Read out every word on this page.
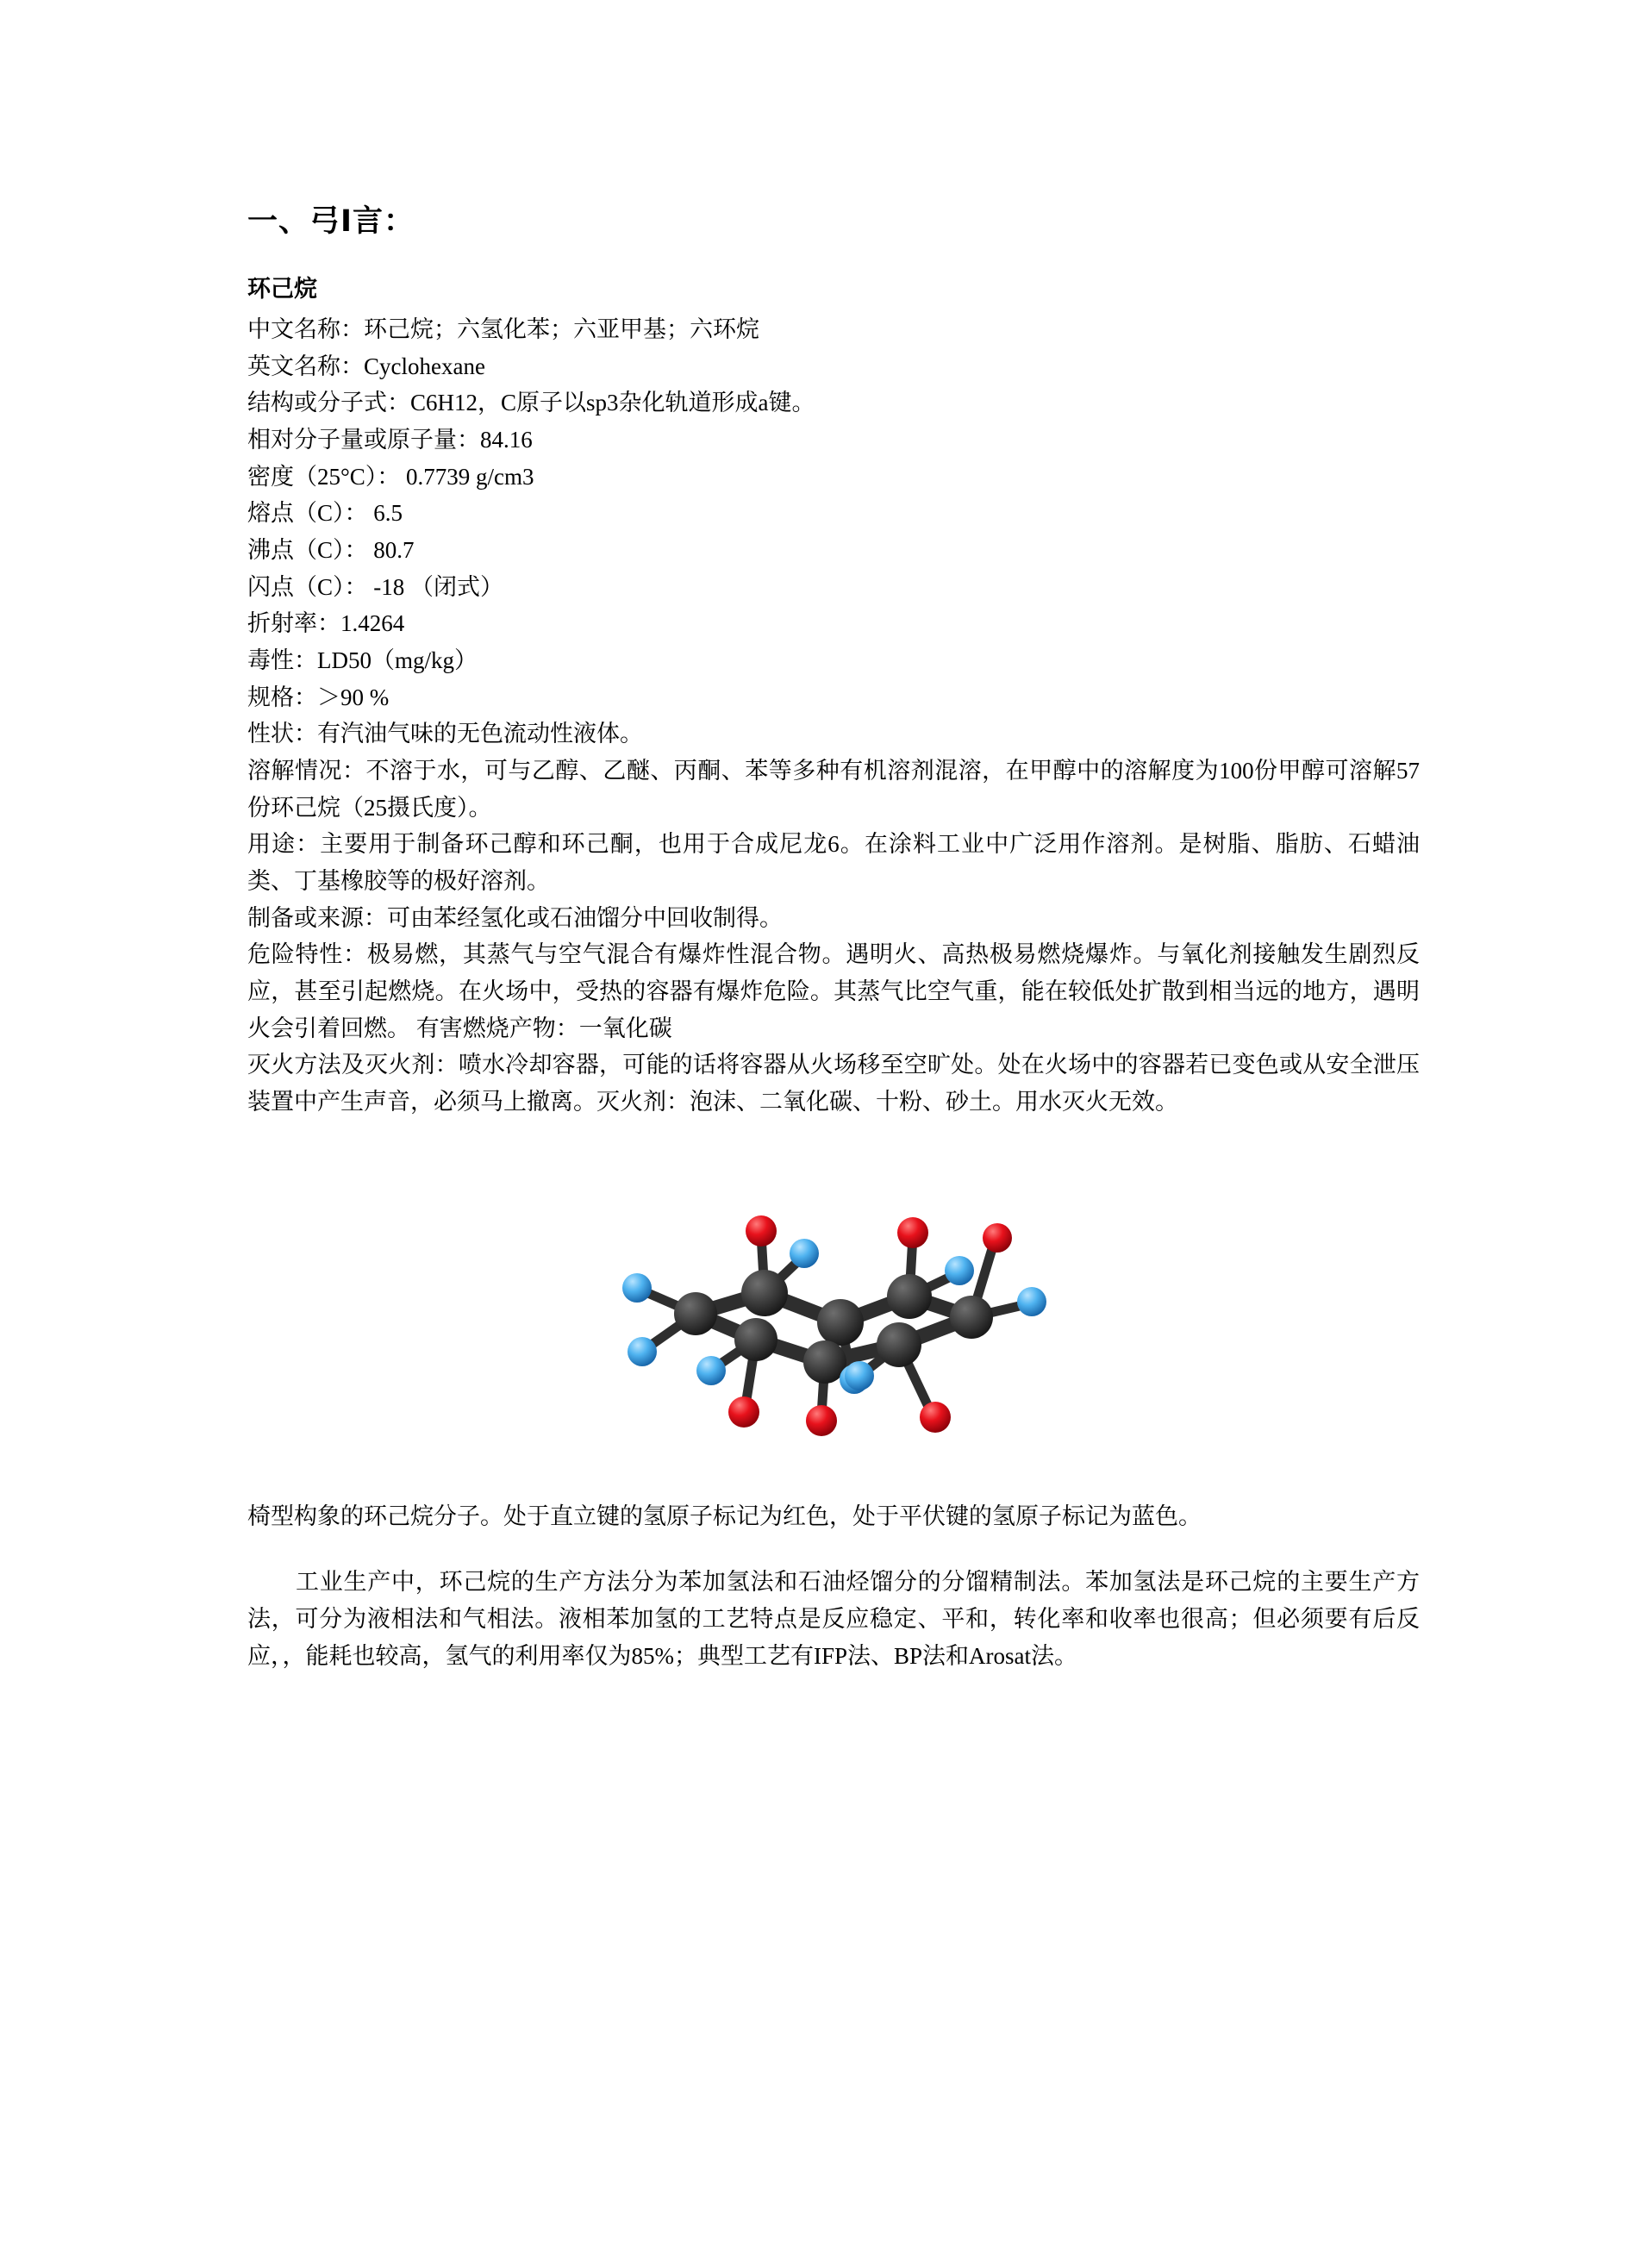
一、弓I言：
环己烷

中文名称：环己烷；六氢化苯；六亚甲基；六环烷

英文名称：Cyclohexane

结构或分子式：C6H12，C原子以sp3杂化轨道形成a键。

相对分子量或原子量：84.16

密度（25°C）： 0.7739 g/cm3

熔点（C）： 6.5

沸点（C）： 80.7

闪点（C）： -18 （闭式）

折射率：1.4264

毒性：LD50（mg/kg）

规格：＞90 %

性状：有汽油气味的无色流动性液体。

溶解情况：不溶于水，可与乙醇、乙醚、丙酮、苯等多种有机溶剂混溶，在甲醇中的溶解度为100份甲醇可溶解57份环己烷（25摄氏度）。

用途：主要用于制备环己醇和环己酮，也用于合成尼龙6。在涂料工业中广泛用作溶剂。是树脂、脂肪、石蜡油类、丁基橡胶等的极好溶剂。

制备或来源：可由苯经氢化或石油馏分中回收制得。

危险特性：极易燃，其蒸气与空气混合有爆炸性混合物。遇明火、高热极易燃烧爆炸。与氧化剂接触发生剧烈反应，甚至引起燃烧。在火场中，受热的容器有爆炸危险。其蒸气比空气重，能在较低处扩散到相当远的地方，遇明火会引着回燃。 有害燃烧产物：一氧化碳

灭火方法及灭火剂：喷水冷却容器，可能的话将容器从火场移至空旷处。处在火场中的容器若已变色或从安全泄压装置中产生声音，必须马上撤离。灭火剂：泡沫、二氧化碳、十粉、砂土。用水灭火无效。

椅型构象的环己烷分子。处于直立键的氢原子标记为红色，处于平伏键的氢原子标记为蓝色。

工业生产中，环己烷的生产方法分为苯加氢法和石油烃馏分的分馏精制法。苯加氢法是环己烷的主要生产方法，可分为液相法和气相法。液相苯加氢的工艺特点是反应稳定、平和，转化率和收率也很高；但必须要有后反应，，能耗也较高，氢气的利用率仅为85%；典型工艺有IFP法、BP法和Arosat法。
